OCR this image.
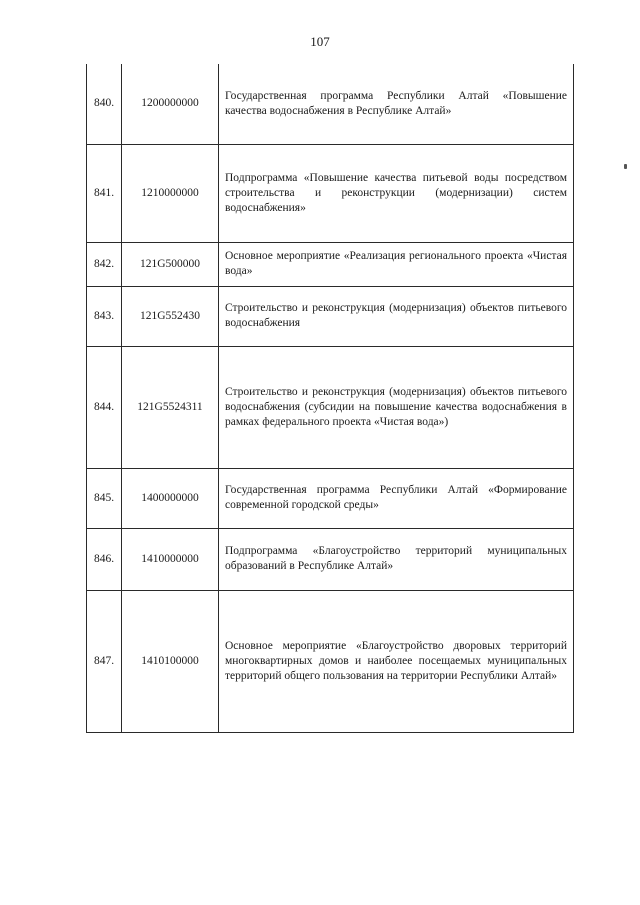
107
840.	1200000000	Государственная программа Республики Алтай «Повышение качества водоснабжения в Республике Алтай»
841.	1210000000	Подпрограмма «Повышение качества питьевой воды посредством строительства и реконструкции (модернизации) систем водоснабжения»
842.	121G500000	Основное мероприятие «Реализация регионального проекта «Чистая вода»
843.	121G552430	Строительство и реконструкция (модернизация) объектов питьевого водоснабжения
844.	121G5524311	Строительство и реконструкция (модернизация) объектов питьевого водоснабжения (субсидии на повышение качества водоснабжения в рамках федерального проекта «Чистая вода»)
845.	1400000000	Государственная программа Республики Алтай «Формирование современной городской среды»
846.	1410000000	Подпрограмма «Благоустройство территорий муниципальных образований в Республике Алтай»
847.	1410100000	Основное мероприятие «Благоустройство дворовых территорий многоквартирных домов и наиболее посещаемых муниципальных территорий общего пользования на территории Республики Алтай»
